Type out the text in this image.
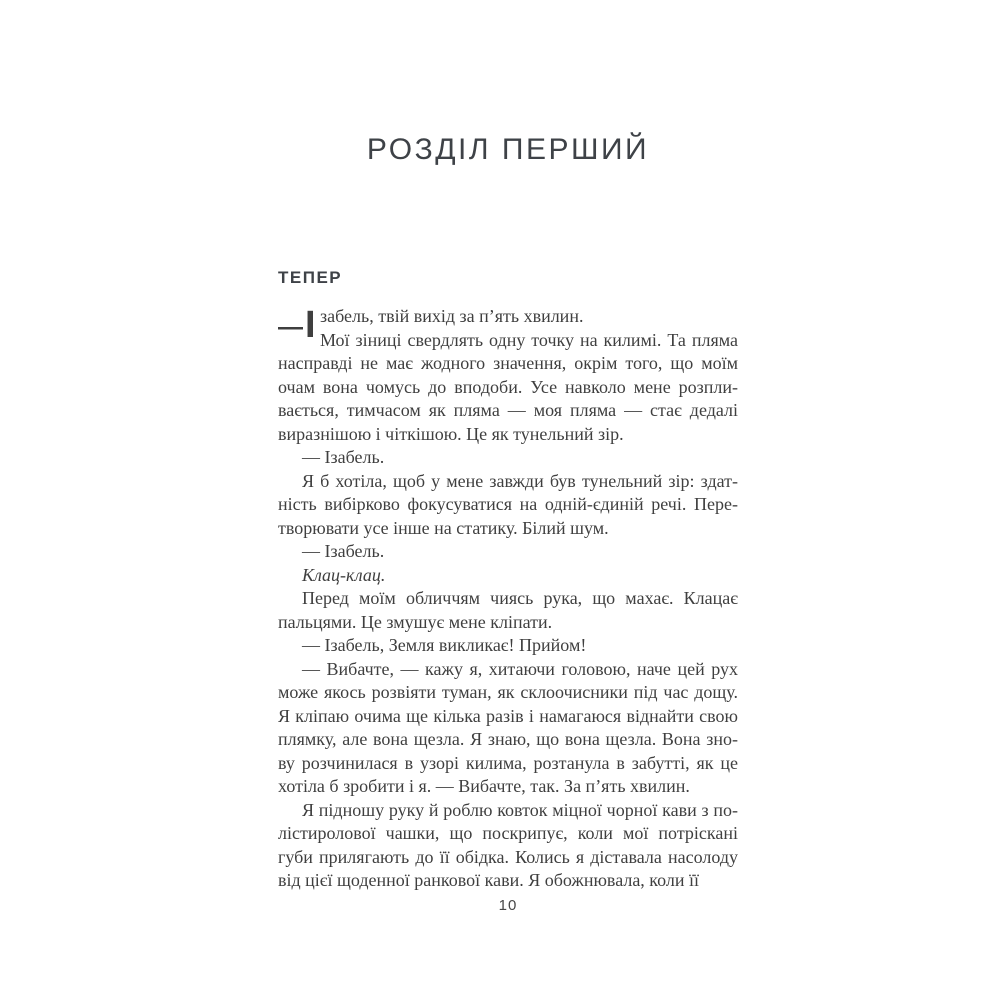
РОЗДІЛ ПЕРШИЙ
ТЕПЕР
— І забель, твій вихід за п’ять хвилин.
Мої зіниці свердлять одну точку на килимі. Та пляма
насправді не має жодного значення, окрім того, що моїм
очам вона чомусь до вподоби. Усе навколо мене розпли-
вається, тимчасом як пляма — моя пляма — стає дедалі
виразнішою і чіткішою. Це як тунельний зір.
— Ізабель.
Я б хотіла, щоб у мене завжди був тунельний зір: здат-
ність вибірково фокусуватися на одній-єдиній речі. Пере-
творювати усе інше на статику. Білий шум.
— Ізабель.
Клац-клац.
Перед моїм обличчям чиясь рука, що махає. Клацає
пальцями. Це змушує мене кліпати.
— Ізабель, Земля викликає! Прийом!
— Вибачте, — кажу я, хитаючи головою, наче цей рух
може якось розвіяти туман, як склоочисники під час дощу.
Я кліпаю очима ще кілька разів і намагаюся віднайти свою
плямку, але вона щезла. Я знаю, що вона щезла. Вона зно-
ву розчинилася в узорі килима, розтанула в забутті, як це
хотіла б зробити і я. — Вибачте, так. За п’ять хвилин.
Я підношу руку й роблю ковток міцної чорної кави з по-
лістиролової чашки, що поскрипує, коли мої потріскані
губи прилягають до її обідка. Колись я діставала насолоду
від цієї щоденної ранкової кави. Я обожнювала, коли її
10
